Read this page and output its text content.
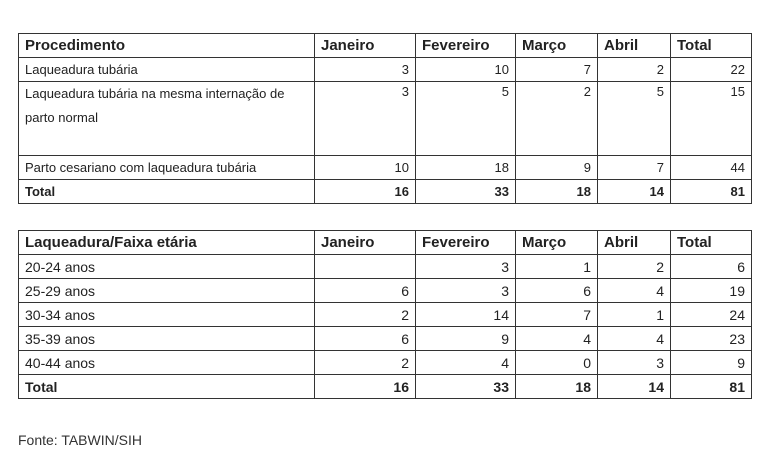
Procedimento	Janeiro	Fevereiro	Março	Abril	Total
Laqueadura tubária	3	10	7	2	22
Laqueadura tubária na mesma internação de parto normal	3	5	2	5	15
Parto cesariano com laqueadura tubária	10	18	9	7	44
Total	16	33	18	14	81
Laqueadura/Faixa etária	Janeiro	Fevereiro	Março	Abril	Total
20-24 anos		3	1	2	6
25-29 anos	6	3	6	4	19
30-34 anos	2	14	7	1	24
35-39 anos	6	9	4	4	23
40-44 anos	2	4	0	3	9
Total	16	33	18	14	81
Fonte: TABWIN/SIH
